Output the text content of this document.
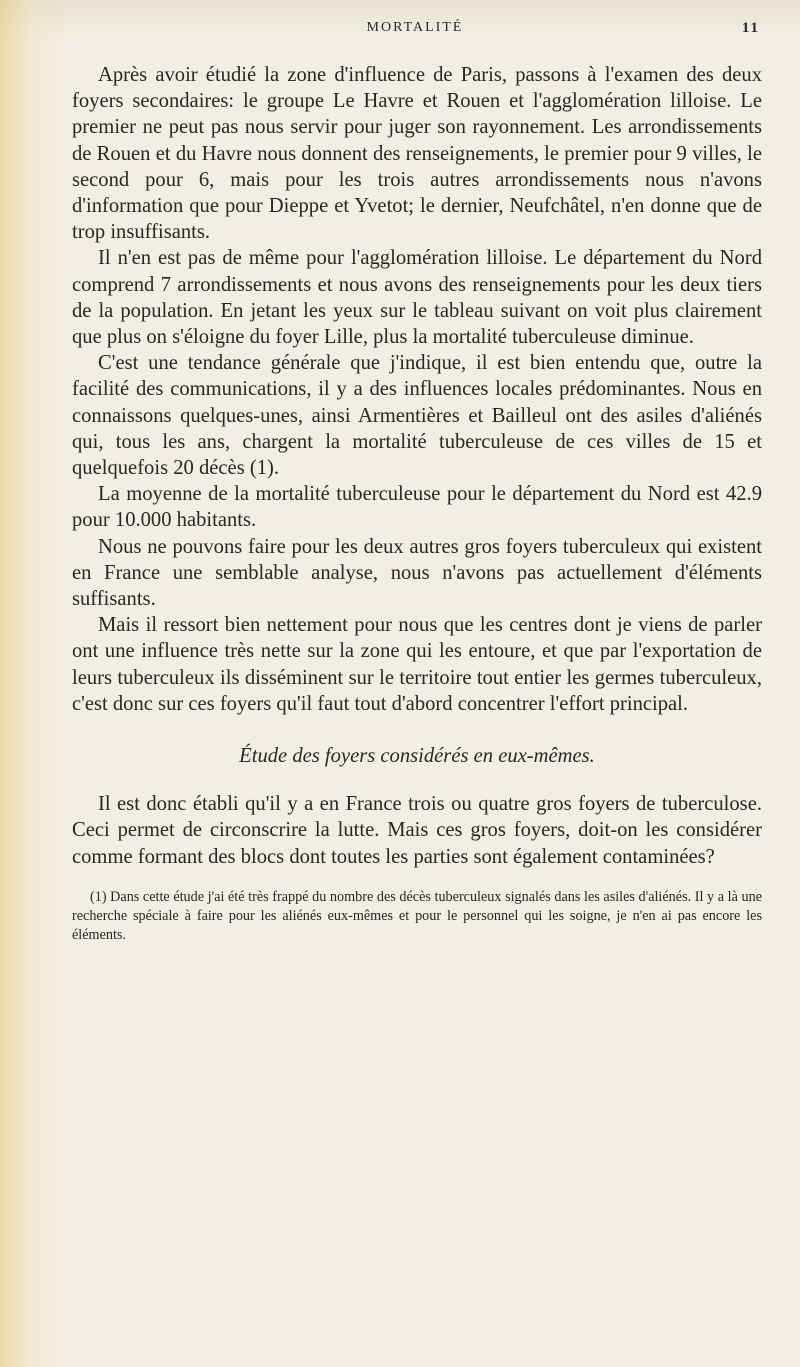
MORTALITÉ	11

Après avoir étudié la zone d'influence de Paris, passons à l'examen des deux foyers secondaires: le groupe Le Havre et Rouen et l'agglomération lilloise. Le premier ne peut pas nous servir pour juger son rayonnement. Les arrondissements de Rouen et du Havre nous donnent des renseignements, le premier pour 9 villes, le second pour 6, mais pour les trois autres arrondissements nous n'avons d'information que pour Dieppe et Yvetot; le dernier, Neufchâtel, n'en donne que de trop insuffisants.

Il n'en est pas de même pour l'agglomération lilloise. Le département du Nord comprend 7 arrondissements et nous avons des renseignements pour les deux tiers de la population. En jetant les yeux sur le tableau suivant on voit plus clairement que plus on s'éloigne du foyer Lille, plus la mortalité tuberculeuse diminue.

C'est une tendance générale que j'indique, il est bien entendu que, outre la facilité des communications, il y a des influences locales prédominantes. Nous en connaissons quelques-unes, ainsi Armentières et Bailleul ont des asiles d'aliénés qui, tous les ans, chargent la mortalité tuberculeuse de ces villes de 15 et quelquefois 20 décès (1).

La moyenne de la mortalité tuberculeuse pour le département du Nord est 42.9 pour 10.000 habitants.

Nous ne pouvons faire pour les deux autres gros foyers tuberculeux qui existent en France une semblable analyse, nous n'avons pas actuellement d'éléments suffisants.

Mais il ressort bien nettement pour nous que les centres dont je viens de parler ont une influence très nette sur la zone qui les entoure, et que par l'exportation de leurs tuberculeux ils disséminent sur le territoire tout entier les germes tuberculeux, c'est donc sur ces foyers qu'il faut tout d'abord concentrer l'effort principal.

Étude des foyers considérés en eux-mêmes.

Il est donc établi qu'il y a en France trois ou quatre gros foyers de tuberculose. Ceci permet de circonscrire la lutte. Mais ces gros foyers, doit-on les considérer comme formant des blocs dont toutes les parties sont également contaminées?

(1) Dans cette étude j'ai été très frappé du nombre des décès tuberculeux signalés dans les asiles d'aliénés. Il y a là une recherche spéciale à faire pour les aliénés eux-mêmes et pour le personnel qui les soigne, je n'en ai pas encore les éléments.
